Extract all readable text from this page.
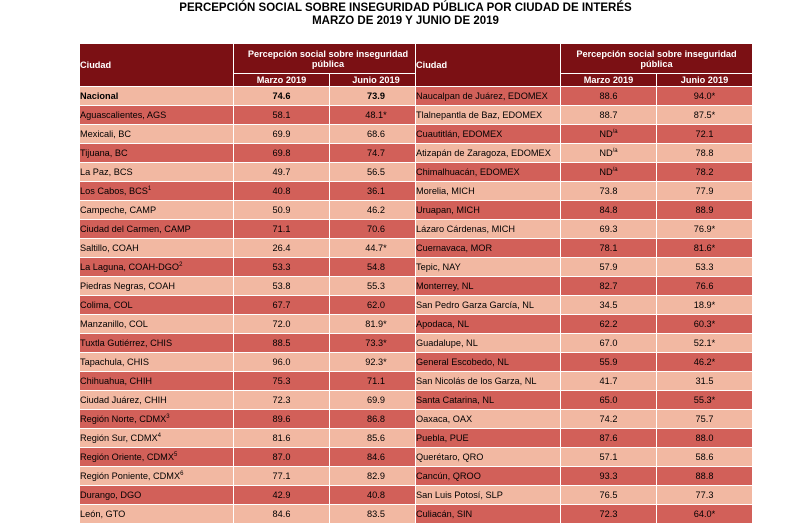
PERCEPCIÓN SOCIAL SOBRE INSEGURIDAD PÚBLICA POR CIUDAD DE INTERÉS
MARZO DE 2019 Y JUNIO DE 2019
Ciudad	Percepción social sobre inseguridad pública	
	Marzo 2019	Junio 2019
Nacional	74.6	73.9
Aguascalientes, AGS	58.1	48.1*
Mexicali, BC	69.9	68.6
Tijuana, BC	69.8	74.7
La Paz, BCS	49.7	56.5
Los Cabos, BCS$^1$	40.8	36.1
Campeche, CAMP	50.9	46.2
Ciudad del Carmen, CAMP	71.1	70.6
Saltillo, COAH	26.4	44.7*
La Laguna, COAH-DGO$^2$	53.3	54.8
Piedras Negras, COAH	53.8	55.3
Colima, COL	67.7	62.0
Manzanillo, COL	72.0	81.9*
Tuxtla Gutiérrez, CHIS	88.5	73.3*
Tapachula, CHIS	96.0	92.3*
Chihuahua, CHIH	75.3	71.1
Ciudad Juárez, CHIH	72.3	69.9
Región Norte, CDMX$^3$	89.6	86.8
Región Sur, CDMX$^4$	81.6	85.6
Región Oriente, CDMX$^5$	87.0	84.6
Región Poniente, CDMX$^6$	77.1	82.9
Durango, DGO	42.9	40.8
León, GTO	84.6	83.5
Ciudad	Percepción social sobre inseguridad pública	
	Marzo 2019	Junio 2019
Naucalpan de Juárez, EDOMEX	88.6	94.0*
Tlalnepantla de Baz, EDOMEX	88.7	87.5*
Cuautitlán, EDOMEX	$ND^{/a}$	72.1
Atizapán de Zaragoza, EDOMEX	$ND^{/a}$	78.8
Chimalhuacán, EDOMEX	$ND^{/a}$	78.2
Morelia, MICH	73.8	77.9
Uruapan, MICH	84.8	88.9
Lázaro Cárdenas, MICH	69.3	76.9*
Cuernavaca, MOR	78.1	81.6*
Tepic, NAY	57.9	53.3
Monterrey, NL	82.7	76.6
San Pedro Garza García, NL	34.5	18.9*
Apodaca, NL	62.2	60.3*
Guadalupe, NL	67.0	52.1*
General Escobedo, NL	55.9	46.2*
San Nicolás de los Garza, NL	41.7	31.5
Santa Catarina, NL	65.0	55.3*
Oaxaca, OAX	74.2	75.7
Puebla, PUE	87.6	88.0
Querétaro, QRO	57.1	58.6
Cancún, QROO	93.3	88.8
San Luis Potosí, SLP	76.5	77.3
Culiacán, SIN	72.3	64.0*
